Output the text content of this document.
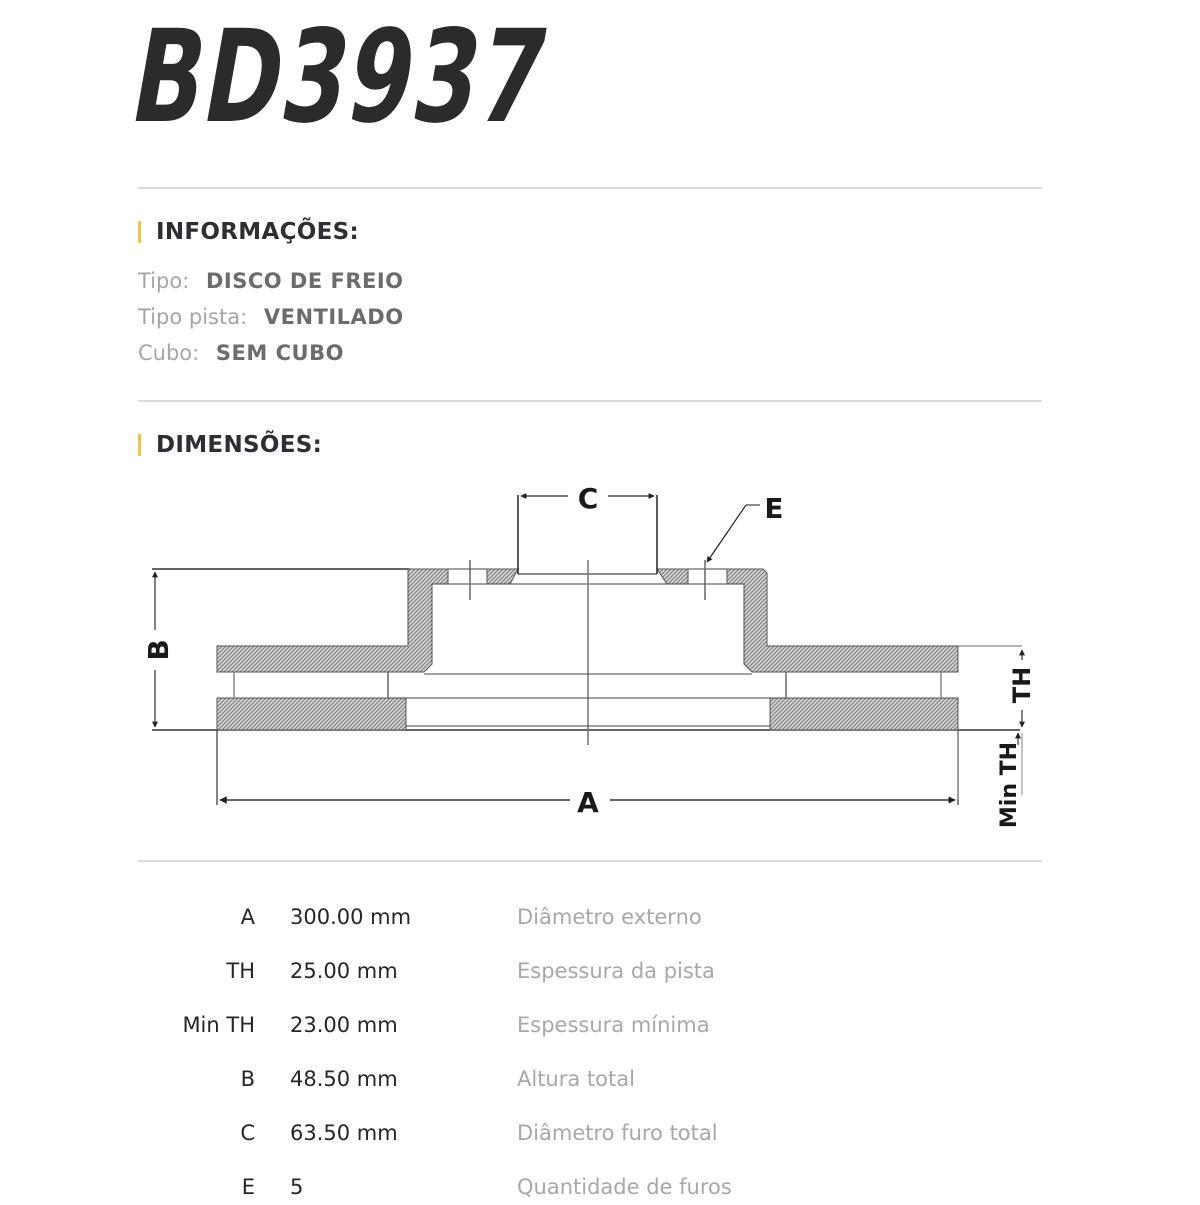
BD3937
INFORMAÇÕES:
Tipo: DISCO DE FREIO
Tipo pista: VENTILADO
Cubo: SEM CUBO
DIMENSÕES:
C	E
A
B
TH
Min TH
A 300.00 mm	Diâmetro externo
TH 25.00 mm	Espessura da pista
Min TH 23.00 mm	Espessura mínima
B 48.50 mm	Altura total
C 63.50 mm	Diâmetro furo total
E 5	Quantidade de furos
